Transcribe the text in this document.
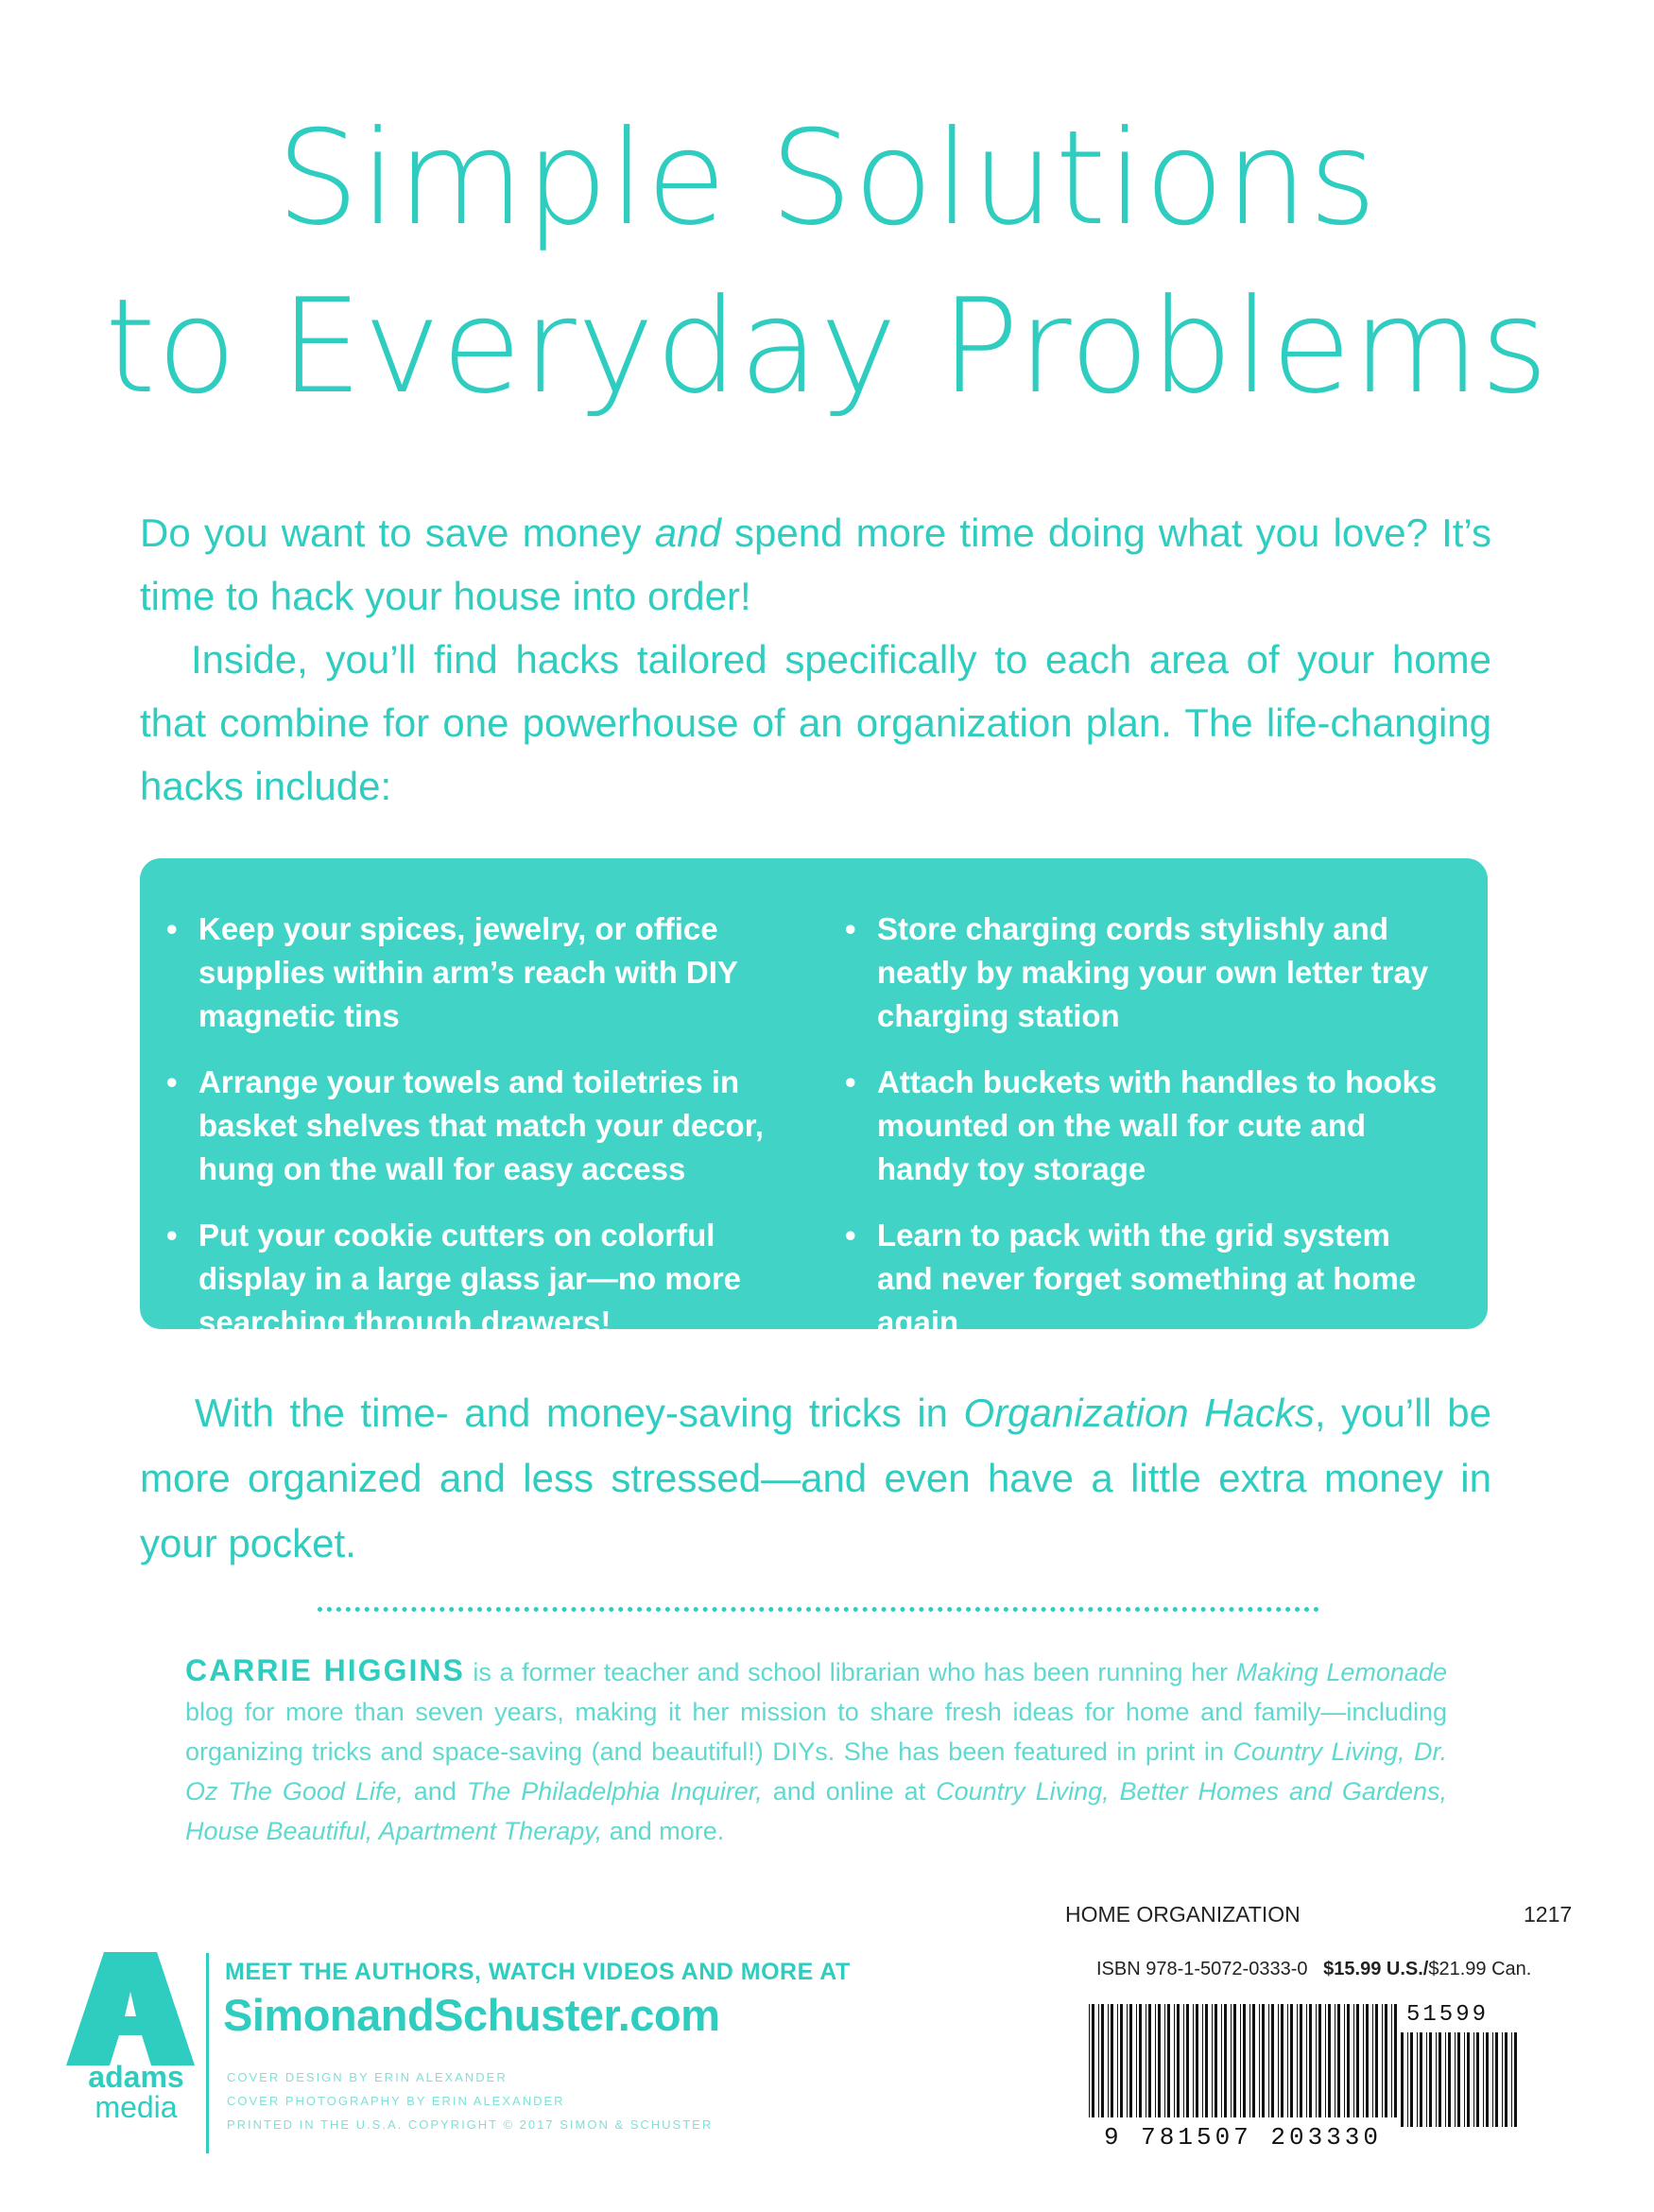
Simple Solutions
to Everyday Problems

Do you want to save money and spend more time doing what you love? It’s time to hack your house into order!

Inside, you’ll find hacks tailored specifically to each area of your home that combine for one powerhouse of an organization plan. The life-changing hacks include:

• Keep your spices, jewelry, or office supplies within arm’s reach with DIY magnetic tins
• Arrange your towels and toiletries in basket shelves that match your decor, hung on the wall for easy access
• Put your cookie cutters on colorful display in a large glass jar—no more searching through drawers!
• Store charging cords stylishly and neatly by making your own letter tray charging station
• Attach buckets with handles to hooks mounted on the wall for cute and handy toy storage
• Learn to pack with the grid system and never forget something at home again

With the time- and money-saving tricks in Organization Hacks, you’ll be more organized and less stressed—and even have a little extra money in your pocket.

CARRIE HIGGINS is a former teacher and school librarian who has been running her Making Lemonade blog for more than seven years, making it her mission to share fresh ideas for home and family—including organizing tricks and space-saving (and beautiful!) DIYs. She has been featured in print in Country Living, Dr. Oz The Good Life, and The Philadelphia Inquirer, and online at Country Living, Better Homes and Gardens, House Beautiful, Apartment Therapy, and more.

adams
media
MEET THE AUTHORS, WATCH VIDEOS AND MORE AT
SimonandSchuster.com
COVER DESIGN BY ERIN ALEXANDER
COVER PHOTOGRAPHY BY ERIN ALEXANDER
PRINTED IN THE U.S.A. COPYRIGHT © 2017 SIMON & SCHUSTER
HOME ORGANIZATION	1217
ISBN 978-1-5072-0333-0 $15.99 U.S./$21.99 Can.
9 781507 203330
51599
